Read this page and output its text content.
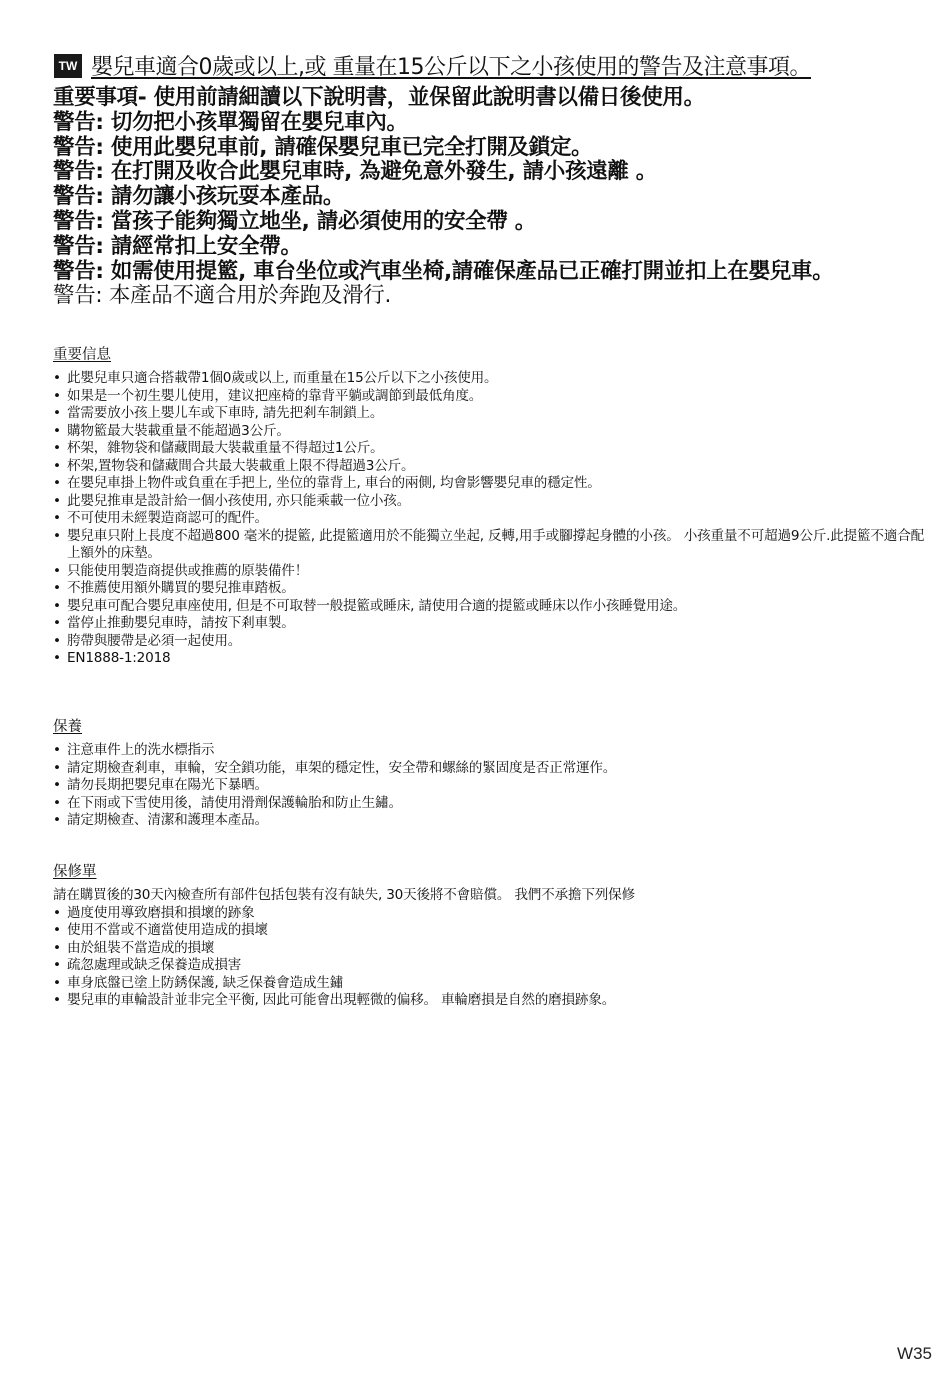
TW 嬰兒車適合0歲或以上,或 重量在15公斤以下之小孩使用的警告及注意事項。
重要事項- 使用前請細讀以下說明書，並保留此說明書以備日後使用。
警告: 切勿把小孩單獨留在嬰兒車內。
警告: 使用此嬰兒車前, 請確保嬰兒車已完全打開及鎖定。
警告: 在打開及收合此嬰兒車時, 為避免意外發生, 請小孩遠離 。
警告: 請勿讓小孩玩耍本產品。
警告: 當孩子能夠獨立地坐, 請必須使用的安全帶 。
警告: 請經常扣上安全帶。
警告: 如需使用提籃, 車台坐位或汽車坐椅,請確保產品已正確打開並扣上在嬰兒車。
警告: 本產品不適合用於奔跑及滑行.
重要信息
• 此嬰兒車只適合搭載帶1個0歲或以上, 而重量在15公斤以下之小孩使用。
• 如果是一个初生嬰儿使用，建议把座椅的靠背平躺或調節到最低角度。
• 當需要放小孩上嬰儿车或下車時, 請先把剎车制鎖上。
• 購物籃最大裝載重量不能超過3公斤。
• 杯架，雜物袋和儲藏間最大裝載重量不得超过1公斤。
• 杯架,置物袋和儲藏間合共最大裝載重上限不得超過3公斤。
• 在嬰兒車掛上物件或負重在手把上, 坐位的靠背上, 車台的兩側, 均會影響嬰兒車的穩定性。
• 此嬰兒推車是設計給一個小孩使用, 亦只能乘載一位小孩。
• 不可使用未經製造商認可的配件。
• 嬰兒車只附上長度不超過800 毫米的提籃, 此提籃適用於不能獨立坐起, 反轉,用手或腳撐起身體的小孩。 小孩重量不可超過9公斤.此提籃不適合配上額外的床墊。
• 只能使用製造商提供或推薦的原裝備件！
• 不推薦使用額外購買的嬰兒推車踏板。
• 嬰兒車可配合嬰兒車座使用, 但是不可取替一般提籃或睡床, 請使用合適的提籃或睡床以作小孩睡覺用途。
• 當停止推動嬰兒車時，請按下剎車製。
• 胯帶與腰帶是必須一起使用。
• EN1888-1:2018
保養
• 注意車件上的洗水標指示
• 請定期檢查剎車，車輪，安全鎖功能，車架的穩定性，安全帶和螺絲的緊固度是否正常運作。
• 請勿長期把嬰兒車在陽光下暴晒。
• 在下雨或下雪使用後，請使用滑劑保護輪胎和防止生鏽。
• 請定期檢查、清潔和護理本產品。
保修單
請在購買後的30天內檢查所有部件包括包裝有沒有缺失, 30天後將不會賠償。 我們不承擔下列保修
• 過度使用導致磨損和損壞的跡象
• 使用不當或不適當使用造成的損壞
• 由於組裝不當造成的損壞
• 疏忽處理或缺乏保養造成損害
• 車身底盤已塗上防銹保護, 缺乏保養會造成生鏽
• 嬰兒車的車輪設計並非完全平衡, 因此可能會出現輕微的偏移。 車輪磨損是自然的磨損跡象。
W35
